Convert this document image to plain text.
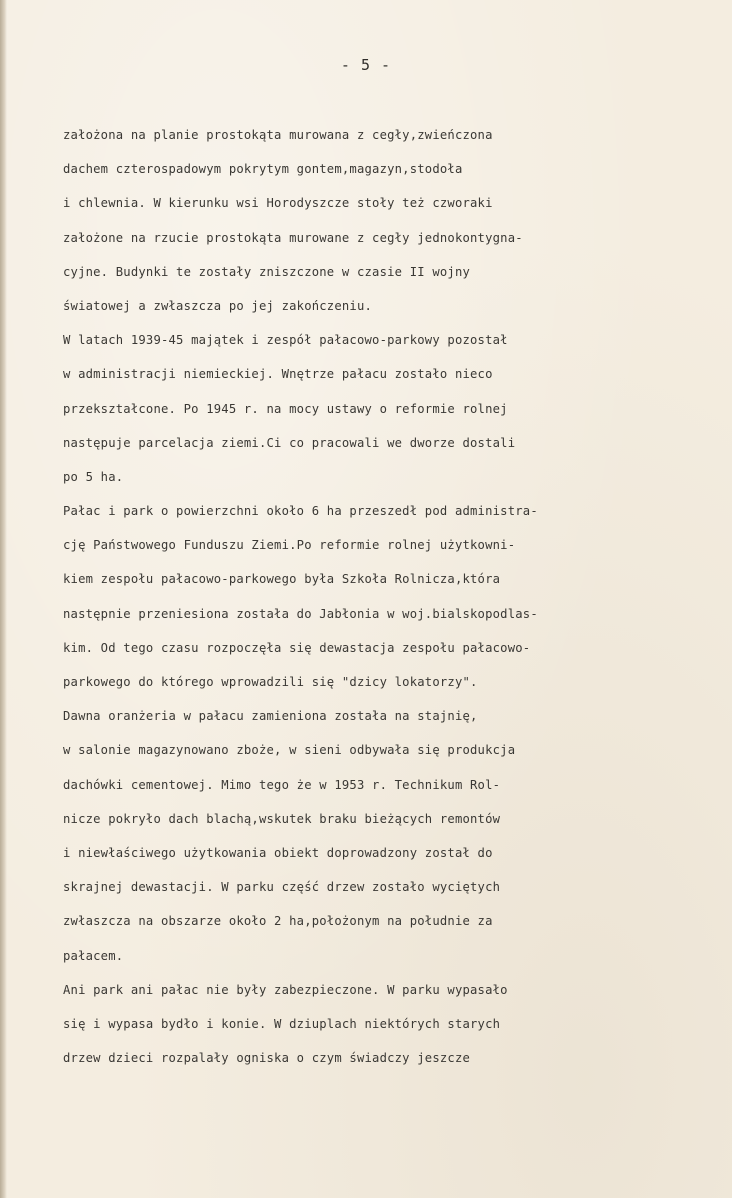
- 5 -
założona na planie prostokąta murowana z cegły,zwieńczona
dachem czterospadowym pokrytym gontem,magazyn,stodoła
i chlewnia. W kierunku wsi Horodyszcze stoły też czworaki
założone na rzucie prostokąta murowane z cegły jednokontygna-
cyjne. Budynki te zostały zniszczone w czasie II wojny
światowej a zwłaszcza po jej zakończeniu.
W latach 1939-45 majątek i zespół pałacowo-parkowy pozostał
w administracji niemieckiej. Wnętrze pałacu zostało nieco
przekształcone. Po 1945 r. na mocy ustawy o reformie rolnej
następuje parcelacja ziemi.Ci co pracowali we dworze dostali
po 5 ha.
Pałac i park o powierzchni około 6 ha przeszedł pod administra-
cję Państwowego Funduszu Ziemi.Po reformie rolnej użytkowni-
kiem zespołu pałacowo-parkowego była Szkoła Rolnicza,która
następnie przeniesiona została do Jabłonia w woj.bialskopodlas-
kim. Od tego czasu rozpoczęła się dewastacja zespołu pałacowo-
parkowego do którego wprowadzili się "dzicy lokatorzy".
Dawna oranżeria w pałacu zamieniona została na stajnię,
w salonie magazynowano zboże, w sieni odbywała się produkcja
dachówki cementowej. Mimo tego że w 1953 r. Technikum Rol-
nicze pokryło dach blachą,wskutek braku bieżących remontów
i niewłaściwego użytkowania obiekt doprowadzony został do
skrajnej dewastacji. W parku część drzew zostało wyciętych
zwłaszcza na obszarze około 2 ha,położonym na południe za
pałacem.
Ani park ani pałac nie były zabezpieczone. W parku wypasało
się i wypasa bydło i konie. W dziuplach niektórych starych
drzew dzieci rozpalały ogniska o czym świadczy jeszcze
